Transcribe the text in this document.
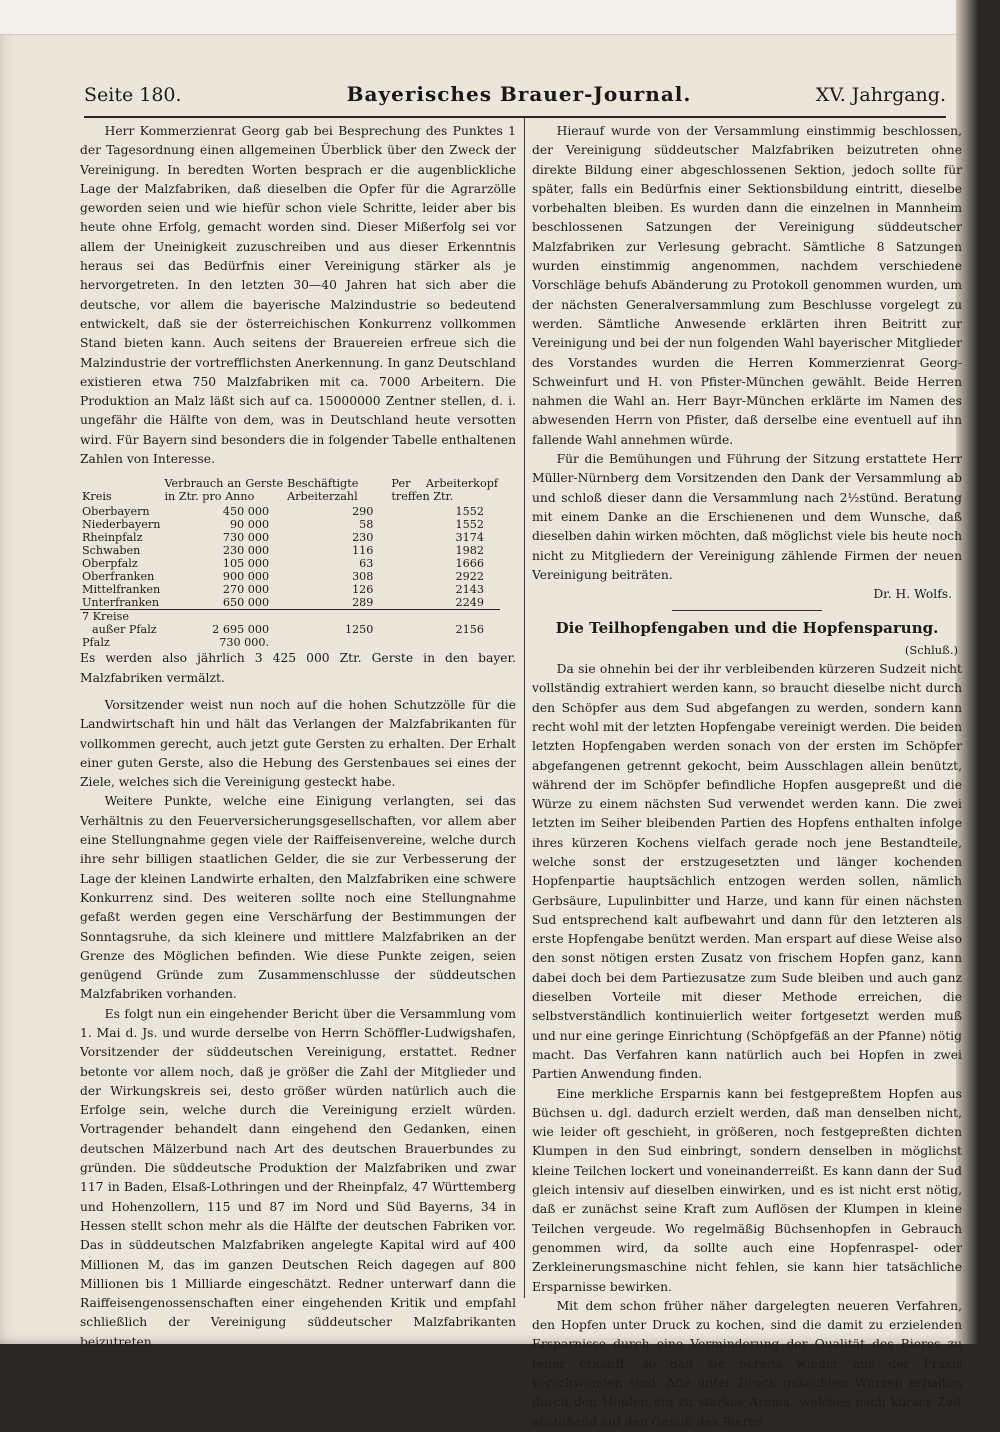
Seite 180.	Bayerisches Brauer-Journal.	XV. Jahrgang.

Herr Kommerzienrat Georg gab bei Besprechung des Punktes 1 der Tagesordnung einen allgemeinen Überblick über den Zweck der Vereinigung. In beredten Worten besprach er die augenblickliche Lage der Malzfabriken, daß dieselben die Opfer für die Agrarzölle geworden seien und wie hiefür schon viele Schritte, leider aber bis heute ohne Erfolg, gemacht worden sind. Dieser Mißerfolg sei vor allem der Uneinigkeit zuzuschreiben und aus dieser Erkenntnis heraus sei das Bedürfnis einer Vereinigung stärker als je hervorgetreten. In den letzten 30—40 Jahren hat sich aber die deutsche, vor allem die bayerische Malzindustrie so bedeutend entwickelt, daß sie der österreichischen Konkurrenz vollkommen Stand bieten kann. Auch seitens der Brauereien erfreue sich die Malzindustrie der vortrefflichsten Anerkennung. In ganz Deutschland existieren etwa 750 Malzfabriken mit ca. 7000 Arbeitern. Die Produktion an Malz läßt sich auf ca. 15000000 Zentner stellen, d. i. ungefähr die Hälfte von dem, was in Deutschland heute versotten wird. Für Bayern sind besonders die in folgender Tabelle enthaltenen Zahlen von Interesse.

Kreis	Verbrauch an Gerste in Ztr. pro Anno	Beschäftigte Arbeiterzahl	Per Arbeiterkopf treffen Ztr.
Oberbayern	450 000	290	1552
Niederbayern	90 000	58	1552
Rheinpfalz	730 000	230	3174
Schwaben	230 000	116	1982
Oberpfalz	105 000	63	1666
Oberfranken	900 000	308	2922
Mittelfranken	270 000	126	2143
Unterfranken	650 000	289	2249
7 Kreise			
außer Pfalz	2 695 000	1250	2156
Pfalz	730 000.		

Es werden also jährlich 3 425 000 Ztr. Gerste in den bayer. Malzfabriken vermälzt.

Vorsitzender weist nun noch auf die hohen Schutzzölle für die Landwirtschaft hin und hält das Verlangen der Malzfabrikanten für vollkommen gerecht, auch jetzt gute Gersten zu erhalten. Der Erhalt einer guten Gerste, also die Hebung des Gerstenbaues sei eines der Ziele, welches sich die Vereinigung gesteckt habe.

Weitere Punkte, welche eine Einigung verlangten, sei das Verhältnis zu den Feuerversicherungsgesellschaften, vor allem aber eine Stellungnahme gegen viele der Raiffeisenvereine, welche durch ihre sehr billigen staatlichen Gelder, die sie zur Verbesserung der Lage der kleinen Landwirte erhalten, den Malzfabriken eine schwere Konkurrenz sind. Des weiteren sollte noch eine Stellungnahme gefaßt werden gegen eine Verschärfung der Bestimmungen der Sonntagsruhe, da sich kleinere und mittlere Malzfabriken an der Grenze des Möglichen befinden. Wie diese Punkte zeigen, seien genügend Gründe zum Zusammenschlusse der süddeutschen Malzfabriken vorhanden.

Es folgt nun ein eingehender Bericht über die Versammlung vom 1. Mai d. Js. und wurde derselbe von Herrn Schöffler-Ludwigshafen, Vorsitzender der süddeutschen Vereinigung, erstattet. Redner betonte vor allem noch, daß je größer die Zahl der Mitglieder und der Wirkungskreis sei, desto größer würden natürlich auch die Erfolge sein, welche durch die Vereinigung erzielt würden. Vortragender behandelt dann eingehend den Gedanken, einen deutschen Mälzerbund nach Art des deutschen Brauerbundes zu gründen. Die süddeutsche Produktion der Malzfabriken und zwar 117 in Baden, Elsaß-Lothringen und der Rheinpfalz, 47 Württemberg und Hohenzollern, 115 und 87 im Nord und Süd Bayerns, 34 in Hessen stellt schon mehr als die Hälfte der deutschen Fabriken vor. Das in süddeutschen Malzfabriken angelegte Kapital wird auf 400 Millionen M, das im ganzen Deutschen Reich dagegen auf 800 Millionen bis 1 Milliarde eingeschätzt. Redner unterwarf dann die Raiffeisengenossenschaften einer eingehenden Kritik und empfahl schließlich der Vereinigung süddeutscher Malzfabrikanten beizutreten.

Hierauf wurde von der Versammlung einstimmig beschlossen, der Vereinigung süddeutscher Malzfabriken beizutreten ohne direkte Bildung einer abgeschlossenen Sektion, jedoch sollte für später, falls ein Bedürfnis einer Sektionsbildung eintritt, dieselbe vorbehalten bleiben. Es wurden dann die einzelnen in Mannheim beschlossenen Satzungen der Vereinigung süddeutscher Malzfabriken zur Verlesung gebracht. Sämtliche 8 Satzungen wurden einstimmig angenommen, nachdem verschiedene Vorschläge behufs Abänderung zu Protokoll genommen wurden, um der nächsten Generalversammlung zum Beschlusse vorgelegt zu werden. Sämtliche Anwesende erklärten ihren Beitritt zur Vereinigung und bei der nun folgenden Wahl bayerischer Mitglieder des Vorstandes wurden die Herren Kommerzienrat Georg-Schweinfurt und H. von Pfister-München gewählt. Beide Herren nahmen die Wahl an. Herr Bayr-München erklärte im Namen des abwesenden Herrn von Pfister, daß derselbe eine eventuell auf ihn fallende Wahl annehmen würde.

Für die Bemühungen und Führung der Sitzung erstattete Herr Müller-Nürnberg dem Vorsitzenden den Dank der Versammlung ab und schloß dieser dann die Versammlung nach 2½stünd. Beratung mit einem Danke an die Erschienenen und dem Wunsche, daß dieselben dahin wirken möchten, daß möglichst viele bis heute noch nicht zu Mitgliedern der Vereinigung zählende Firmen der neuen Vereinigung beiträten.

Dr. H. Wolfs.

Die Teilhopfengaben und die Hopfensparung.

(Schluß.)

Da sie ohnehin bei der ihr verbleibenden kürzeren Sudzeit nicht vollständig extrahiert werden kann, so braucht dieselbe nicht durch den Schöpfer aus dem Sud abgefangen zu werden, sondern kann recht wohl mit der letzten Hopfengabe vereinigt werden. Die beiden letzten Hopfengaben werden sonach von der ersten im Schöpfer abgefangenen getrennt gekocht, beim Ausschlagen allein benützt, während der im Schöpfer befindliche Hopfen ausgepreßt und die Würze zu einem nächsten Sud verwendet werden kann. Die zwei letzten im Seiher bleibenden Partien des Hopfens enthalten infolge ihres kürzeren Kochens vielfach gerade noch jene Bestandteile, welche sonst der erstzugesetzten und länger kochenden Hopfenpartie hauptsächlich entzogen werden sollen, nämlich Gerbsäure, Lupulinbitter und Harze, und kann für einen nächsten Sud entsprechend kalt aufbewahrt und dann für den letzteren als erste Hopfengabe benützt werden. Man erspart auf diese Weise also den sonst nötigen ersten Zusatz von frischem Hopfen ganz, kann dabei doch bei dem Partiezusatze zum Sude bleiben und auch ganz dieselben Vorteile mit dieser Methode erreichen, die selbstverständlich kontinuierlich weiter fortgesetzt werden muß und nur eine geringe Einrichtung (Schöpfgefäß an der Pfanne) nötig macht. Das Verfahren kann natürlich auch bei Hopfen in zwei Partien Anwendung finden.

Eine merkliche Ersparnis kann bei festgepreßtem Hopfen aus Büchsen u. dgl. dadurch erzielt werden, daß man denselben nicht, wie leider oft geschieht, in größeren, noch festgepreßten dichten Klumpen in den Sud einbringt, sondern denselben in möglichst kleine Teilchen lockert und voneinanderreißt. Es kann dann der Sud gleich intensiv auf dieselben einwirken, und es ist nicht erst nötig, daß er zunächst seine Kraft zum Auflösen der Klumpen in kleine Teilchen vergeude. Wo regelmäßig Büchsenhopfen in Gebrauch genommen wird, da sollte auch eine Hopfenraspel- oder Zerkleinerungsmaschine nicht fehlen, sie kann hier tatsächliche Ersparnisse bewirken.

Mit dem schon früher näher dargelegten neueren Verfahren, den Hopfen unter Druck zu kochen, sind die damit zu erzielenden Ersparnisse durch eine Verminderung der Qualität des Bieres zu teuer erkauft, so daß sie bereits wieder aus der Praxis verschwunden sind. Alle unter Druck gekochten Würzen erhalten durch den Hopfen ein zu starkes Aroma, welches nach kurzer Zeit abstoßend auf den Genuß des Bieres
